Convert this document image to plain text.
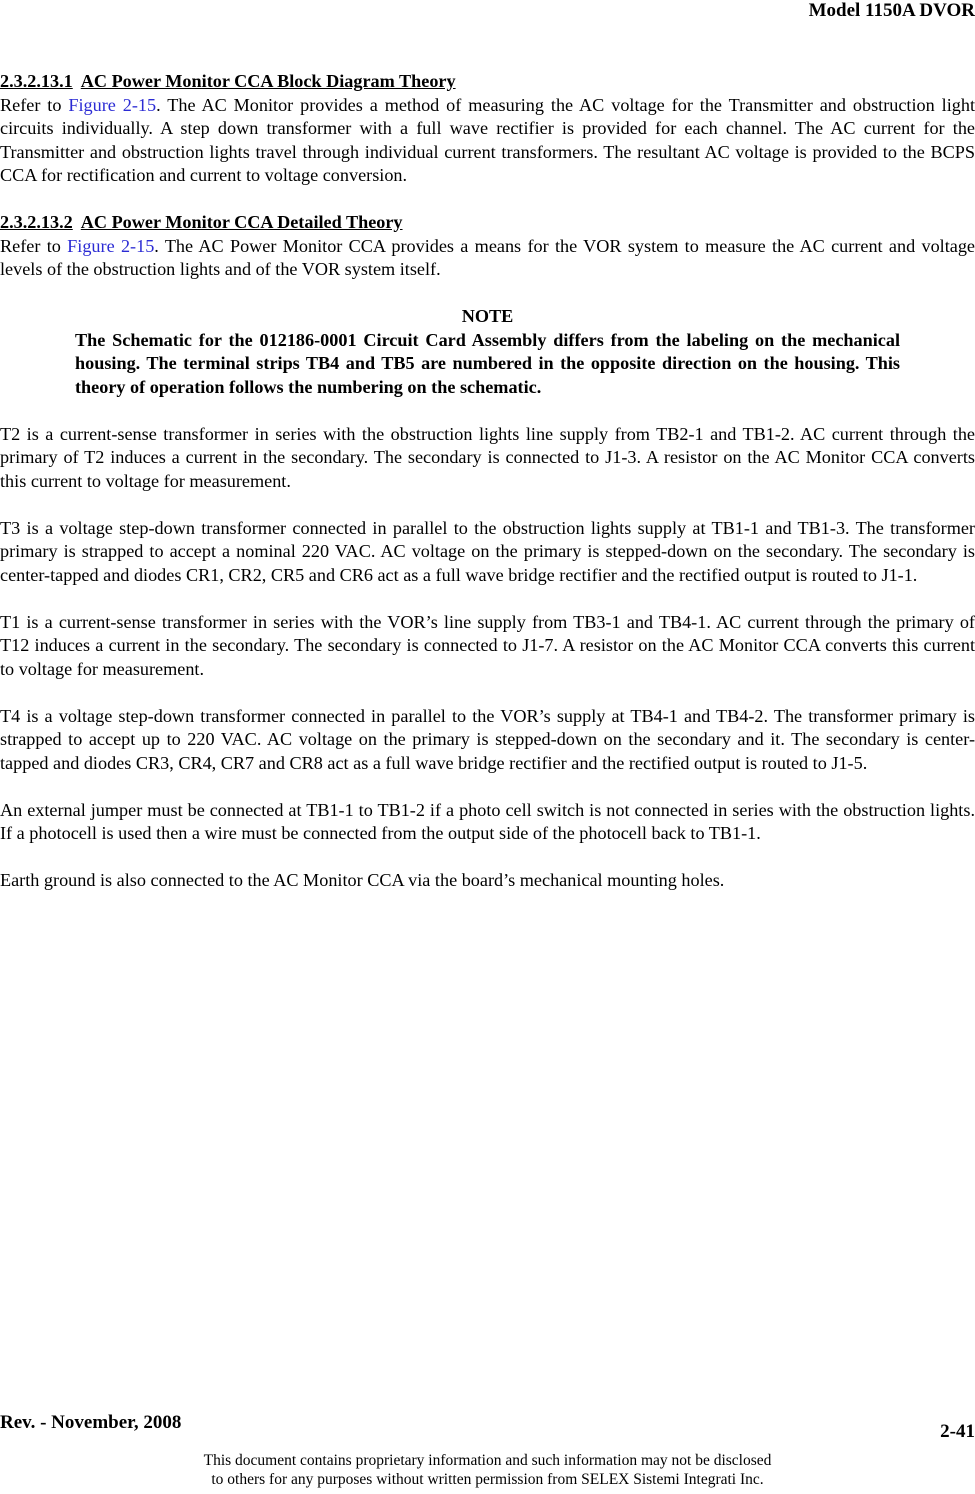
Model 1150A DVOR
2.3.2.13.1 AC Power Monitor CCA Block Diagram Theory

Refer to Figure 2-15. The AC Monitor provides a method of measuring the AC voltage for the Transmitter and obstruction light circuits individually. A step down transformer with a full wave rectifier is provided for each channel. The AC current for the Transmitter and obstruction lights travel through individual current transformers. The resultant AC voltage is provided to the BCPS CCA for rectification and current to voltage conversion.

2.3.2.13.2 AC Power Monitor CCA Detailed Theory

Refer to Figure 2-15. The AC Power Monitor CCA provides a means for the VOR system to measure the AC current and voltage levels of the obstruction lights and of the VOR system itself.

NOTE

The Schematic for the 012186-0001 Circuit Card Assembly differs from the labeling on the mechanical housing. The terminal strips TB4 and TB5 are numbered in the opposite direction on the housing. This theory of operation follows the numbering on the schematic.

T2 is a current-sense transformer in series with the obstruction lights line supply from TB2-1 and TB1-2. AC current through the primary of T2 induces a current in the secondary. The secondary is connected to J1-3. A resistor on the AC Monitor CCA converts this current to voltage for measurement.

T3 is a voltage step-down transformer connected in parallel to the obstruction lights supply at TB1-1 and TB1-3. The transformer primary is strapped to accept a nominal 220 VAC. AC voltage on the primary is stepped-down on the secondary. The secondary is center-tapped and diodes CR1, CR2, CR5 and CR6 act as a full wave bridge rectifier and the rectified output is routed to J1-1.

T1 is a current-sense transformer in series with the VOR’s line supply from TB3-1 and TB4-1. AC current through the primary of T12 induces a current in the secondary. The secondary is connected to J1-7. A resistor on the AC Monitor CCA converts this current to voltage for measurement.

T4 is a voltage step-down transformer connected in parallel to the VOR’s supply at TB4-1 and TB4-2. The transformer primary is strapped to accept up to 220 VAC. AC voltage on the primary is stepped-down on the secondary and it. The secondary is center-tapped and diodes CR3, CR4, CR7 and CR8 act as a full wave bridge rectifier and the rectified output is routed to J1-5.

An external jumper must be connected at TB1-1 to TB1-2 if a photo cell switch is not connected in series with the obstruction lights. If a photocell is used then a wire must be connected from the output side of the photocell back to TB1-1.

Earth ground is also connected to the AC Monitor CCA via the board’s mechanical mounting holes.

Rev. - November, 2008	2-41
This document contains proprietary information and such information may not be disclosed
to others for any purposes without written permission from SELEX Sistemi Integrati Inc.
